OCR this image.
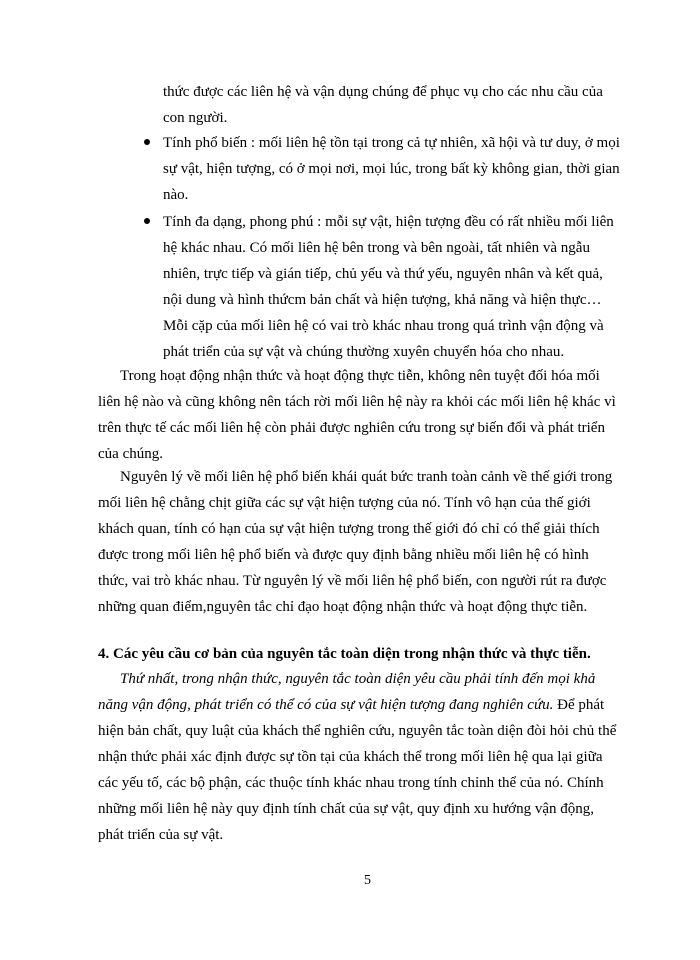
thức được các liên hệ và vận dụng chúng để phục vụ cho các nhu cầu của
con người.
Tính phổ biến : mối liên hệ tồn tại trong cả tự nhiên, xã hội và tư duy, ở mọi
sự vật, hiện tượng, có ở mọi nơi, mọi lúc, trong bất kỳ không gian, thời gian
nào.
Tính đa dạng, phong phú : mỗi sự vật, hiện tượng đều có rất nhiều mối liên
hệ khác nhau. Có mối liên hệ bên trong và bên ngoài, tất nhiên và ngẫu
nhiên, trực tiếp và gián tiếp, chủ yếu và thứ yếu, nguyên nhân và kết quả,
nội dung và hình thứcm bản chất và hiện tượng, khả năng và hiện thực…
Mỗi cặp của mối liên hệ có vai trò khác nhau trong quá trình vận động và
phát triển của sự vật và chúng thường xuyên chuyển hóa cho nhau.
Trong hoạt động nhận thức và hoạt động thực tiễn, không nên tuyệt đối hóa mối
liên hệ nào và cũng không nên tách rời mối liên hệ này ra khỏi các mối liên hệ khác vì
trên thực tế các mối liên hệ còn phải được nghiên cứu trong sự biến đổi và phát triển
của chúng.
Nguyên lý về mối liên hệ phổ biến khái quát bức tranh toàn cảnh về thế giới trong
mối liên hệ chằng chịt giữa các sự vật hiện tượng của nó. Tính vô hạn của thế giới
khách quan, tính có hạn của sự vật hiện tượng trong thế giới đó chỉ có thể giải thích
được trong mối liên hệ phổ biến và được quy định bằng nhiều mối liên hệ có hình
thức, vai trò khác nhau. Từ nguyên lý về mối liên hệ phổ biến, con người rút ra được
những quan điểm,nguyên tắc chỉ đạo hoạt động nhận thức và hoạt động thực tiễn.
4. Các yêu cầu cơ bản của nguyên tắc toàn diện trong nhận thức và thực tiễn.
Thứ nhất, trong nhận thức, nguyên tắc toàn diện yêu cầu phải tính đến mọi khả
năng vận động, phát triển có thể có của sự vật hiện tượng đang nghiên cứu. Để phát
hiện bản chất, quy luật của khách thể nghiên cứu, nguyên tắc toàn diện đòi hỏi chủ thể
nhận thức phải xác định được sự tồn tại của khách thể trong mối liên hệ qua lại giữa
các yếu tố, các bộ phận, các thuộc tính khác nhau trong tính chỉnh thể của nó. Chính
những mối liên hệ này quy định tính chất của sự vật, quy định xu hướng vận động,
phát triển của sự vật.
5
